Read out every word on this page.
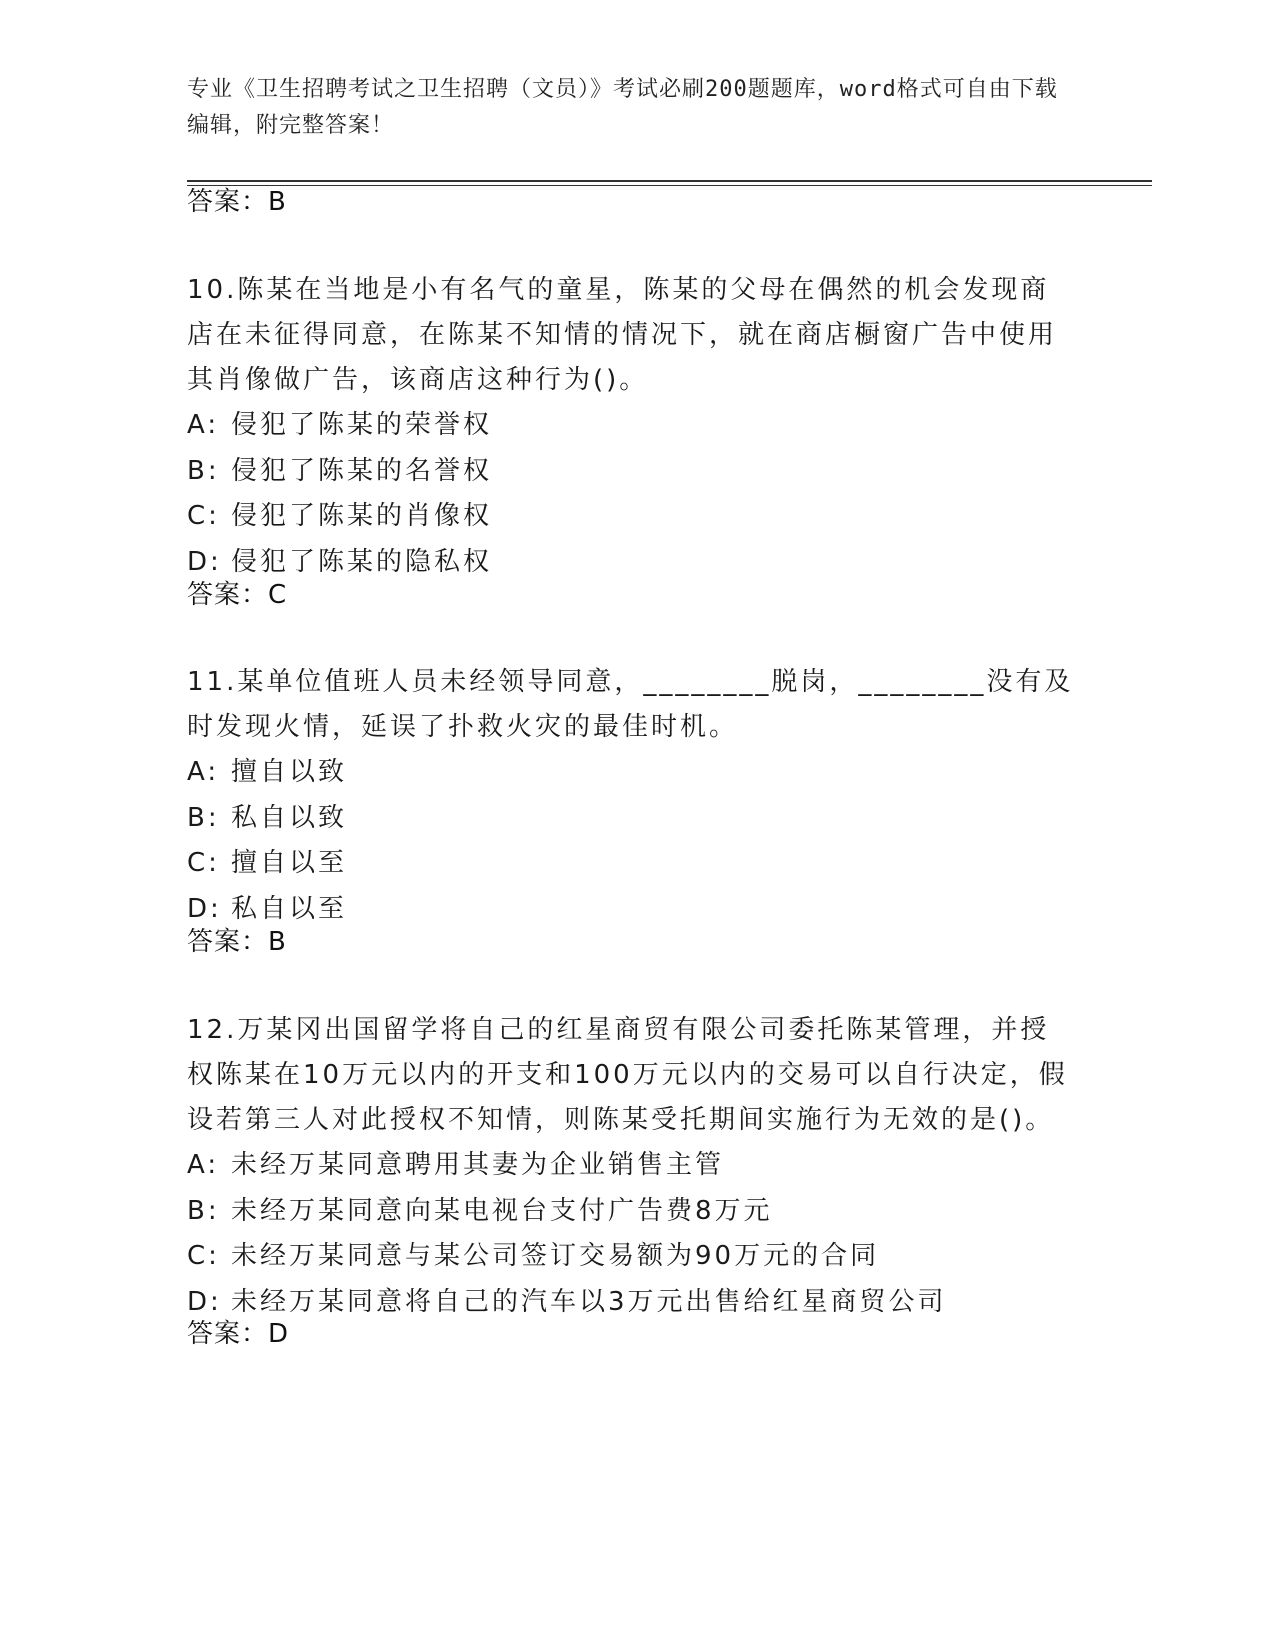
专业《卫生招聘考试之卫生招聘（文员）》考试必刷200题题库，word格式可自由下载编辑，附完整答案！
答案：B

10.陈某在当地是小有名气的童星，陈某的父母在偶然的机会发现商店在未征得同意，在陈某不知情的情况下，就在商店橱窗广告中使用其肖像做广告，该商店这种行为()。

A: 侵犯了陈某的荣誉权
B: 侵犯了陈某的名誉权
C: 侵犯了陈某的肖像权
D: 侵犯了陈某的隐私权
答案：C

11.某单位值班人员未经领导同意，________脱岗，________没有及时发现火情，延误了扑救火灾的最佳时机。

A: 擅自以致
B: 私自以致
C: 擅自以至
D: 私自以至
答案：B

12.万某冈出国留学将自己的红星商贸有限公司委托陈某管理，并授权陈某在10万元以内的开支和100万元以内的交易可以自行决定，假设若第三人对此授权不知情，则陈某受托期间实施行为无效的是()。

A: 未经万某同意聘用其妻为企业销售主管
B: 未经万某同意向某电视台支付广告费8万元
C: 未经万某同意与某公司签订交易额为90万元的合同
D: 未经万某同意将自己的汽车以3万元出售给红星商贸公司
答案：D
